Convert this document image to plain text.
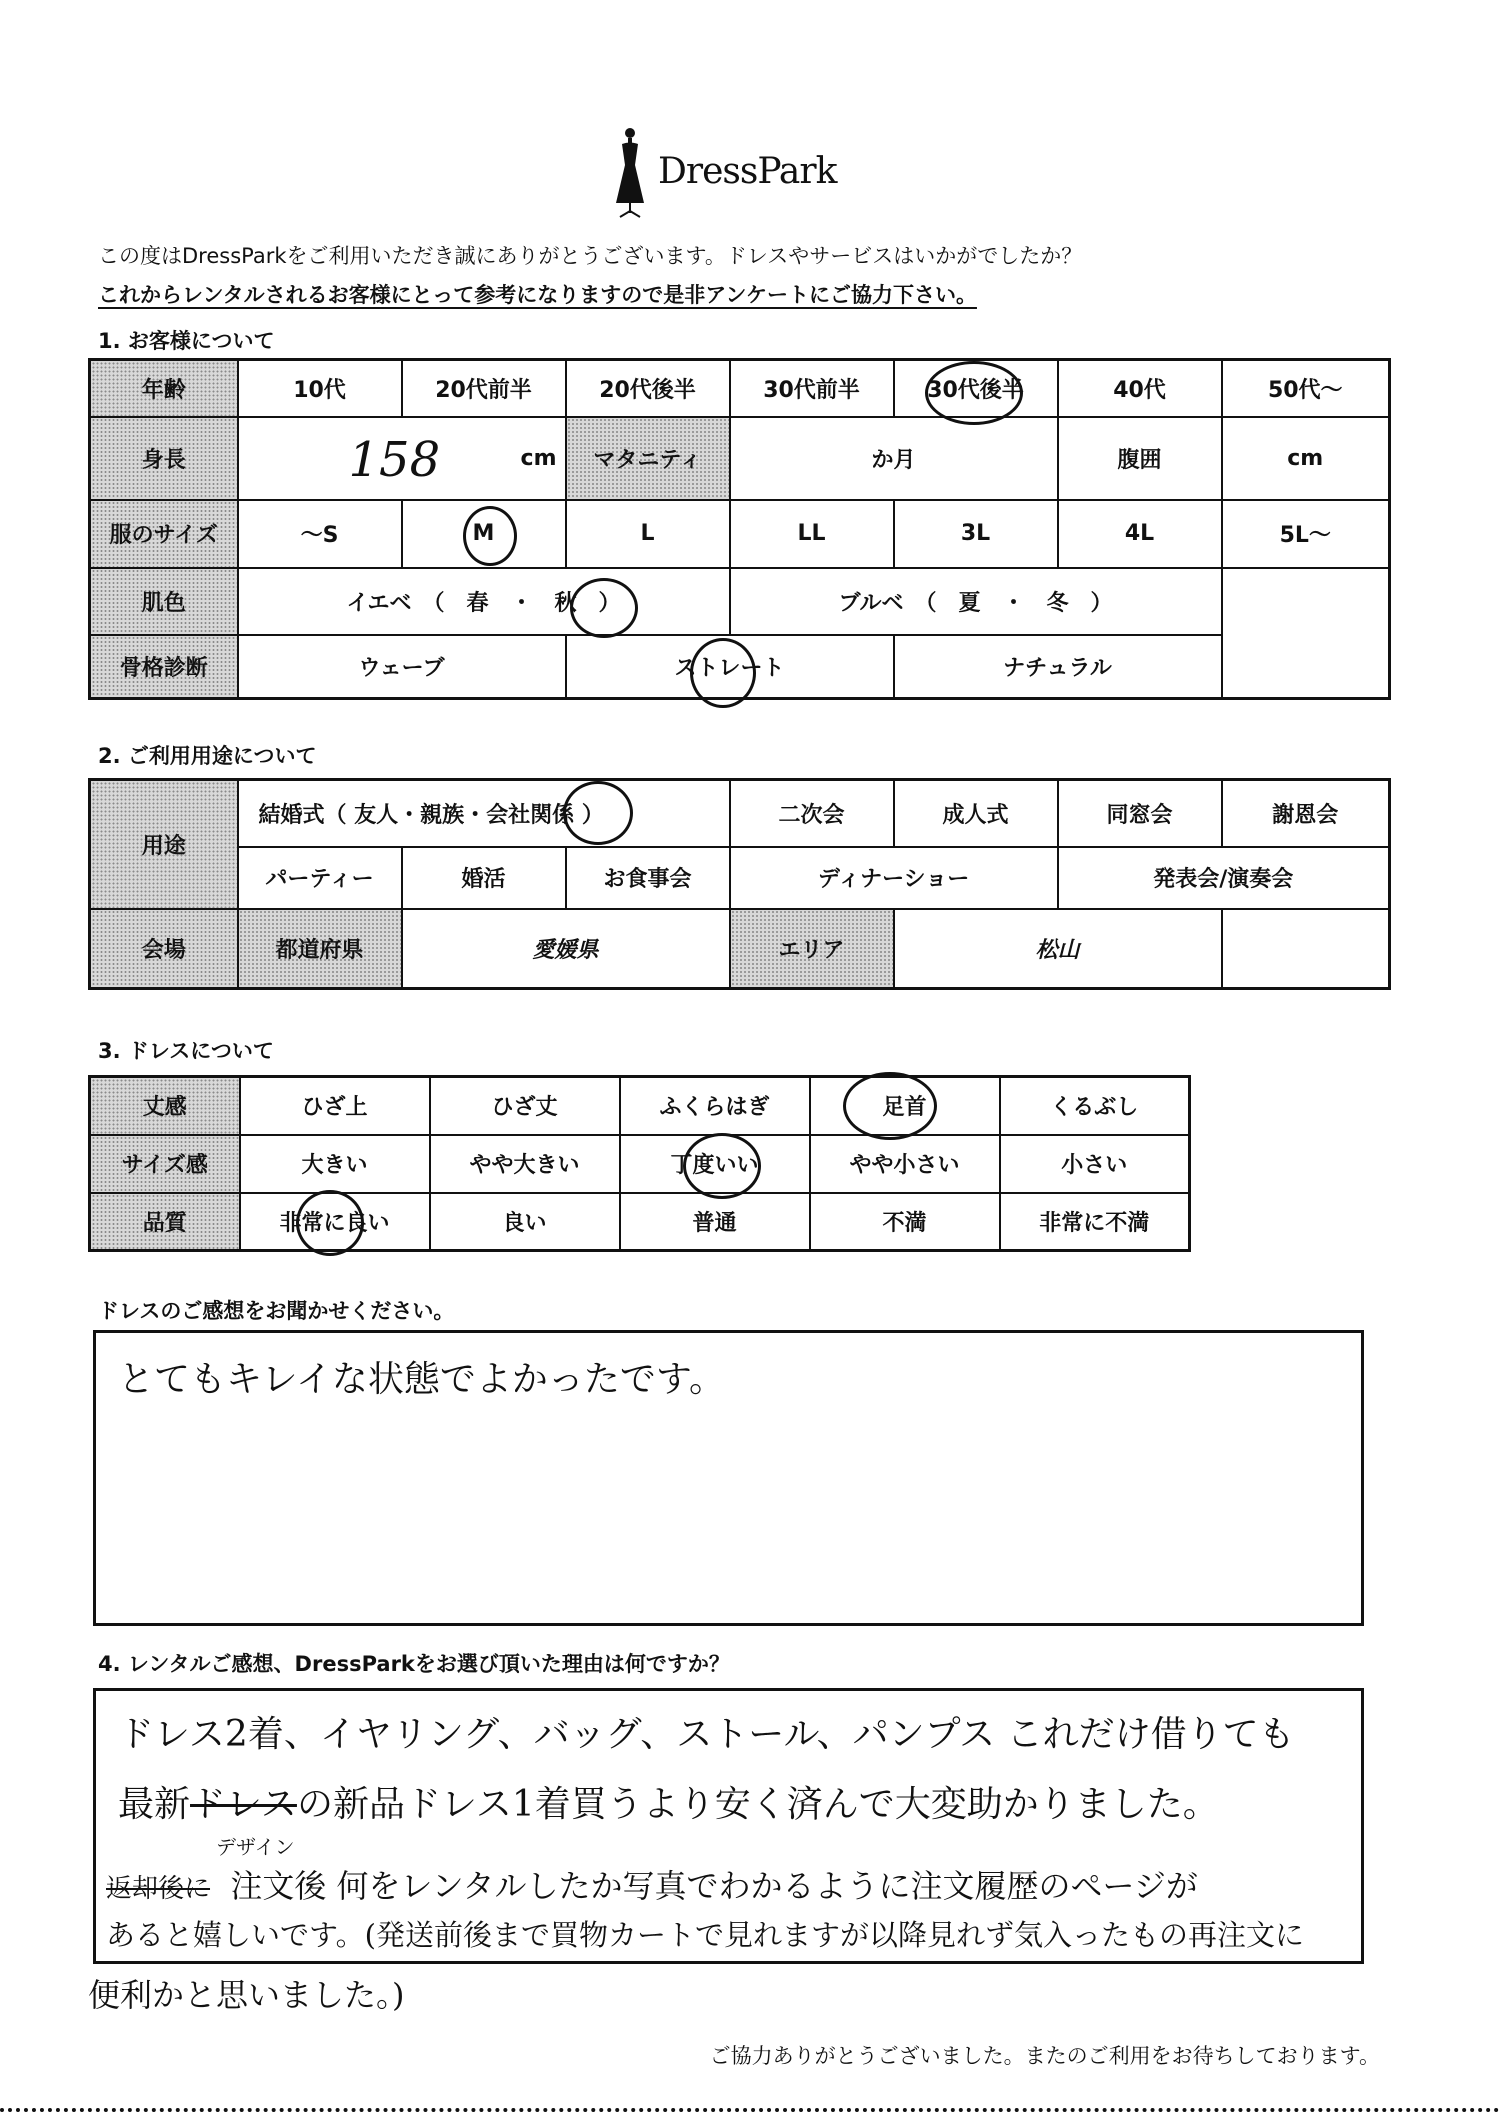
DressPark
この度はDressParkをご利用いただき誠にありがとうございます。ドレスやサービスはいかがでしたか？
これからレンタルされるお客様にとって参考になりますので是非アンケートにご協力下さい。
1. お客様について
年齢	10代	20代前半	20代後半	30代前半	30代後半	40代	50代～
身長	158 cm		マタニティ	か月		腹囲	cm
服のサイズ	～S	M	L	LL	3L	4L	5L～
肌色	イエベ　（　春　・　秋　）			ブルベ　（　夏　・　冬　）			
骨格診断	ウェーブ		ストレート		ナチュラル		
2. ご利用用途について
用途	結婚式（ 友人・親族・会社関係 ）			二次会	成人式	同窓会	謝恩会
	パーティー	婚活	お食事会	ディナーショー		発表会/演奏会	
会場	都道府県	愛媛県		エリア	松山		
3. ドレスについて
丈感	ひざ上	ひざ丈	ふくらはぎ	足首	くるぶし
サイズ感	大きい	やや大きい	丁度いい	やや小さい	小さい
品質	非常に良い	良い	普通	不満	非常に不満
ドレスのご感想をお聞かせください。
とてもキレイな状態でよかったです。
4. レンタルご感想、DressParkをお選び頂いた理由は何ですか？
ドレス2着、イヤリング、バッグ、ストール、パンプス これだけ借りても
最新ドレスの新品ドレス1着買うより安く済んで大変助かりました。
デザイン
返却後に 注文後 何をレンタルしたか写真でわかるように注文履歴のページが
あると嬉しいです。(発送前後まで買物カートで見れますが以降見れず気入ったもの再注文に
便利かと思いました。)
ご協力ありがとうございました。またのご利用をお待ちしております。
